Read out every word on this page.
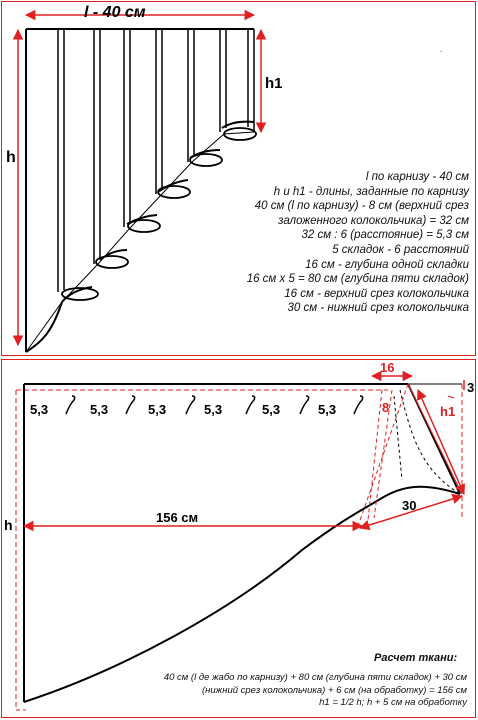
l - 40 см
h
h1
.
l по карнизу - 40 см
h и h1 - длины, заданные по карнизу
40 см (l по карнизу) - 8 см (верхний срез
заложенного колокольчика) = 32 см
32 см : 6 (расстояние) = 5,3 см
5 складок - 6 расстояний
16 см - глубина одной складки
16 см х 5 = 80 см (глубина пяти складок)
16 см - верхний срез колокольчика
30 см - нижний срез колокольчика
5,3	5,3	5,3	5,3	5,3	5,3
16
8
3
h1
30
156 см
h
Расчет ткани:
40 см (l де жабо по карнизу) + 80 см (глубина пяти складок) + 30 см
(нижний срез колокольчика) + 6 см (на обработку) = 156 см
h1 = 1/2 h; h + 5 см на обработку
